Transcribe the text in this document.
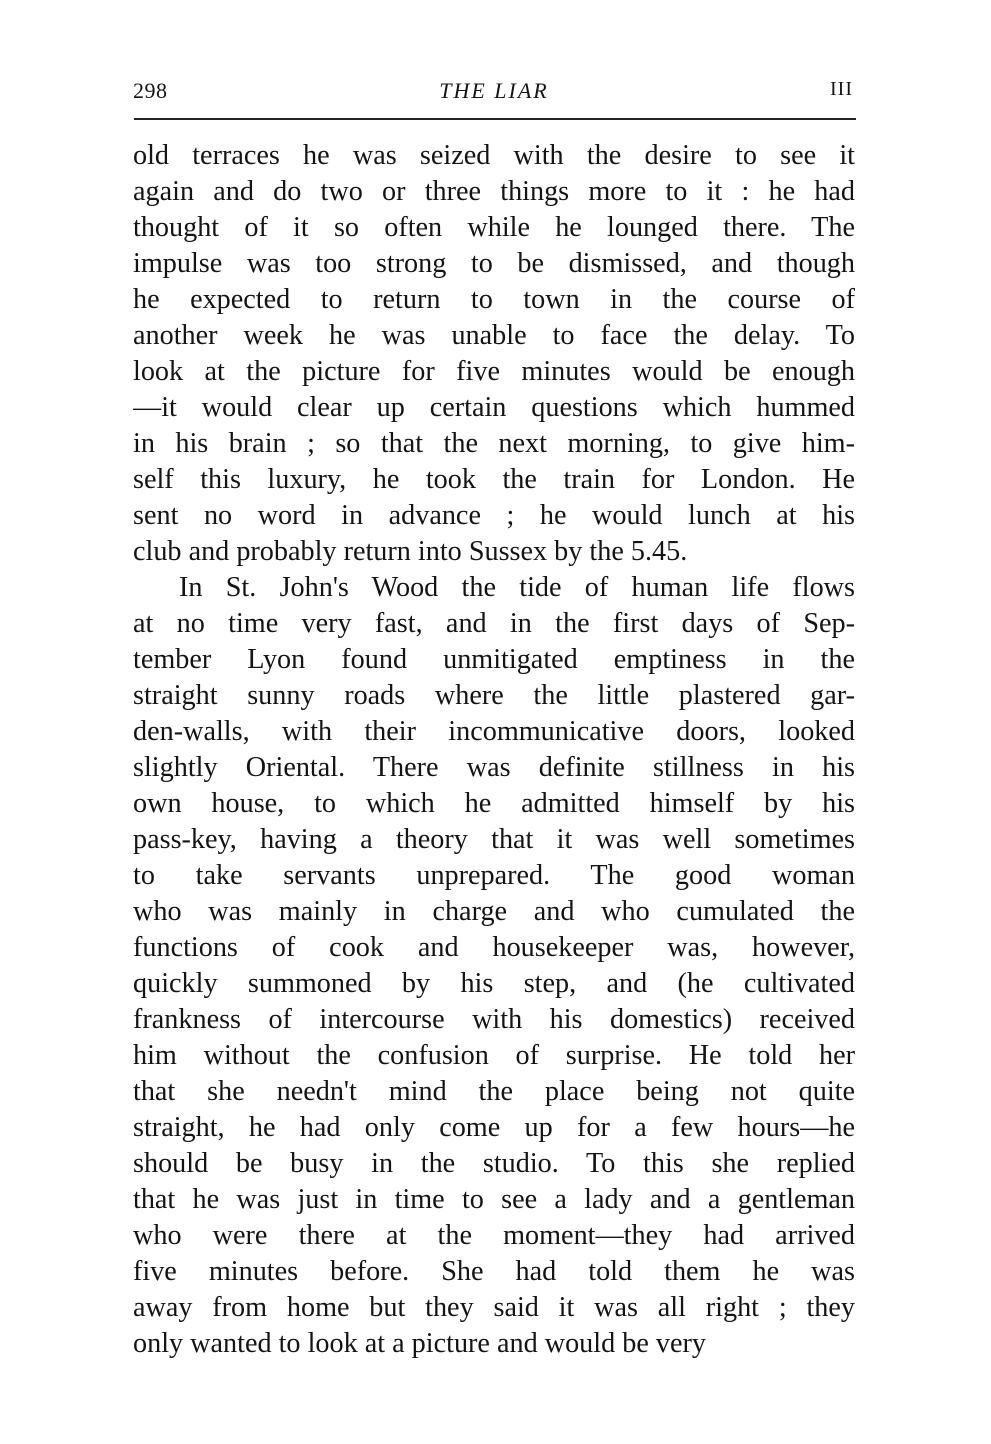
298	THE LIAR	III
old terraces he was seized with the desire to see it
again and do two or three things more to it : he had
thought of it so often while he lounged there. The
impulse was too strong to be dismissed, and though
he expected to return to town in the course of
another week he was unable to face the delay. To
look at the picture for five minutes would be enough
—it would clear up certain questions which hummed
in his brain ; so that the next morning, to give him-
self this luxury, he took the train for London. He
sent no word in advance ; he would lunch at his
club and probably return into Sussex by the 5.45.
In St. John's Wood the tide of human life flows
at no time very fast, and in the first days of Sep-
tember Lyon found unmitigated emptiness in the
straight sunny roads where the little plastered gar-
den-walls, with their incommunicative doors, looked
slightly Oriental. There was definite stillness in his
own house, to which he admitted himself by his
pass-key, having a theory that it was well sometimes
to take servants unprepared. The good woman
who was mainly in charge and who cumulated the
functions of cook and housekeeper was, however,
quickly summoned by his step, and (he cultivated
frankness of intercourse with his domestics) received
him without the confusion of surprise. He told her
that she needn't mind the place being not quite
straight, he had only come up for a few hours—he
should be busy in the studio. To this she replied
that he was just in time to see a lady and a gentleman
who were there at the moment—they had arrived
five minutes before. She had told them he was
away from home but they said it was all right ; they
only wanted to look at a picture and would be very
